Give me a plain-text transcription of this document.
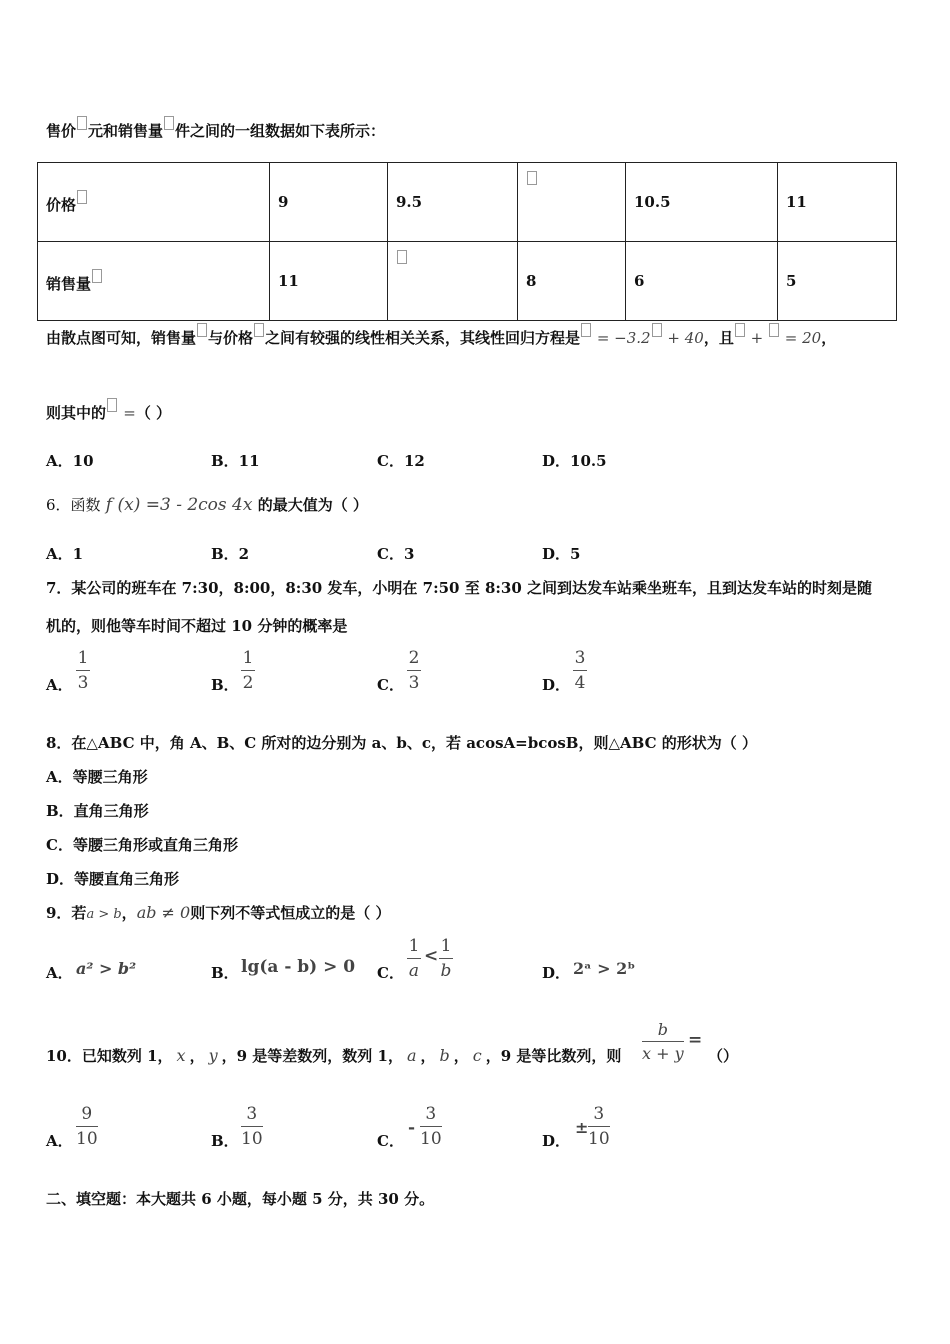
售价 元和销售量 件之间的一组数据如下表所示：
价格	9	9.5		10.5	11
销售量	11		8	6	5
由散点图可知，销售量 与价格 之间有较强的线性相关关系，其线性回归方程是 = −3.2 + 40，且 + = 20，
则其中的 =（ ）
A．10	B．11	C．12	D．10.5
6．函数 f (x) =3 - 2cos 4x 的最大值为（ ）
A．1	B．2	C．3	D．5
7．某公司的班车在 7:30，8:00，8:30 发车，小明在 7:50 至 8:30 之间到达发车站乘坐班车，且到达发车站的时刻是随
机的，则他等车时间不超过 10 分钟的概率是
A．
1
3	B．
1
2	C．
2
3	D．
3
4
8．在△ABC 中，角 A、B、C 所对的边分别为 a、b、c，若 acosA=bcosB，则△ABC 的形状为（ ）
A．等腰三角形
B．直角三角形
C．等腰三角形或直角三角形
D．等腰直角三角形
9．若a > b，ab ≠ 0则下列不等式恒成立的是（ ）
A． a² > b²	B． lg(a - b) > 0 C．
1
a
< 1
b	D． 2ᵃ > 2ᵇ
10．已知数列 1， x ， y ，9 是等差数列，数列 1， a ， b ， c ，9 是等比数列，则
b
x + y
=
（）
A．
9
10	B．
3
10	C．
-
3
10	D．
±
3
10
二、填空题：本大题共 6 小题，每小题 5 分，共 30 分。
